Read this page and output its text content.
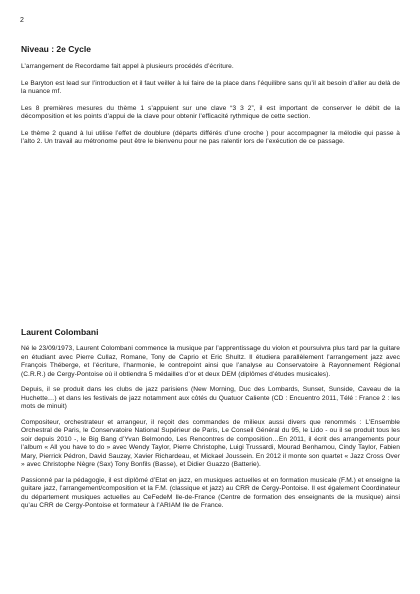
2
Niveau : 2e Cycle

L’arrangement de Recordame fait appel à plusieurs procédés d’écriture.

Le Baryton est lead sur l’introduction et il faut veiller à lui faire de la place dans l’équilibre sans qu’il ait besoin d’aller au delà de la nuance mf.

Les 8 premières mesures du thème 1 s’appuient sur une clave “3 3 2”, il est important de conserver le débit de la décomposition et les points d’appui de la clave pour obtenir l’efficacité rythmique de cette section.

Le thème 2 quand à lui utilise l’effet de doublure (départs différés d’une croche ) pour accompagner la mélodie qui passe à l’alto 2. Un travail au métronome peut être le bienvenu pour ne pas ralentir lors de l’exécution de ce passage.

Laurent Colombani

Né le 23/09/1973, Laurent Colombani commence la musique par l’apprentissage du violon et poursuivra plus tard par la guitare en étudiant avec Pierre Cullaz, Romane, Tony de Caprio et Eric Shultz. Il étudiera parallèlement l’arrangement jazz avec François Théberge, et l’écriture, l’harmonie, le contrepoint ainsi que l’analyse au Conservatoire à Rayonnement Régional (C.R.R.) de Cergy-Pontoise où il obtiendra 5 médailles d’or et deux DEM (diplômes d’études musicales).

Depuis, il se produit dans les clubs de jazz parisiens (New Morning, Duc des Lombards, Sunset, Sunside, Caveau de la Huchette…) et dans les festivals de jazz notamment aux côtés du Quatuor Caliente (CD : Encuentro 2011, Télé : France 2 : les mots de minuit)

Compositeur, orchestrateur et arrangeur, il reçoit des commandes de milieux aussi divers que renommés : L’Ensemble Orchestral de Paris, le Conservatoire National Supérieur de Paris, Le Conseil Général du 95, le Lido - ou il se produit tous les soir depuis 2010 -, le Big Bang d’Yvan Belmondo, Les Rencontres de composition…En 2011, il écrit des arrangements pour l’album « All you have to do » avec Wendy Taylor, Pierre Christophe, Luigi Trussardi, Mourad Benhamou, Cindy Taylor, Fabien Mary, Pierrick Pédron, David Sauzay, Xavier Richardeau, et Mickael Joussein. En 2012 il monte son quartet « Jazz Cross Over » avec Christophe Nègre (Sax) Tony Bonfils (Basse), et Didier Guazzo (Batterie).

Passionné par la pédagogie, il est diplômé d’Etat en jazz, en musiques actuelles et en formation musicale (F.M.) et enseigne la guitare jazz, l’arrangement/composition et la F.M. (classique et jazz) au CRR de Cergy-Pontoise. Il est également Coordinateur du département musiques actuelles au CeFedeM Ile-de-France (Centre de formation des enseignants de la musique) ainsi qu’au CRR de Cergy-Pontoise et formateur à l’ARIAM Ile de France.
